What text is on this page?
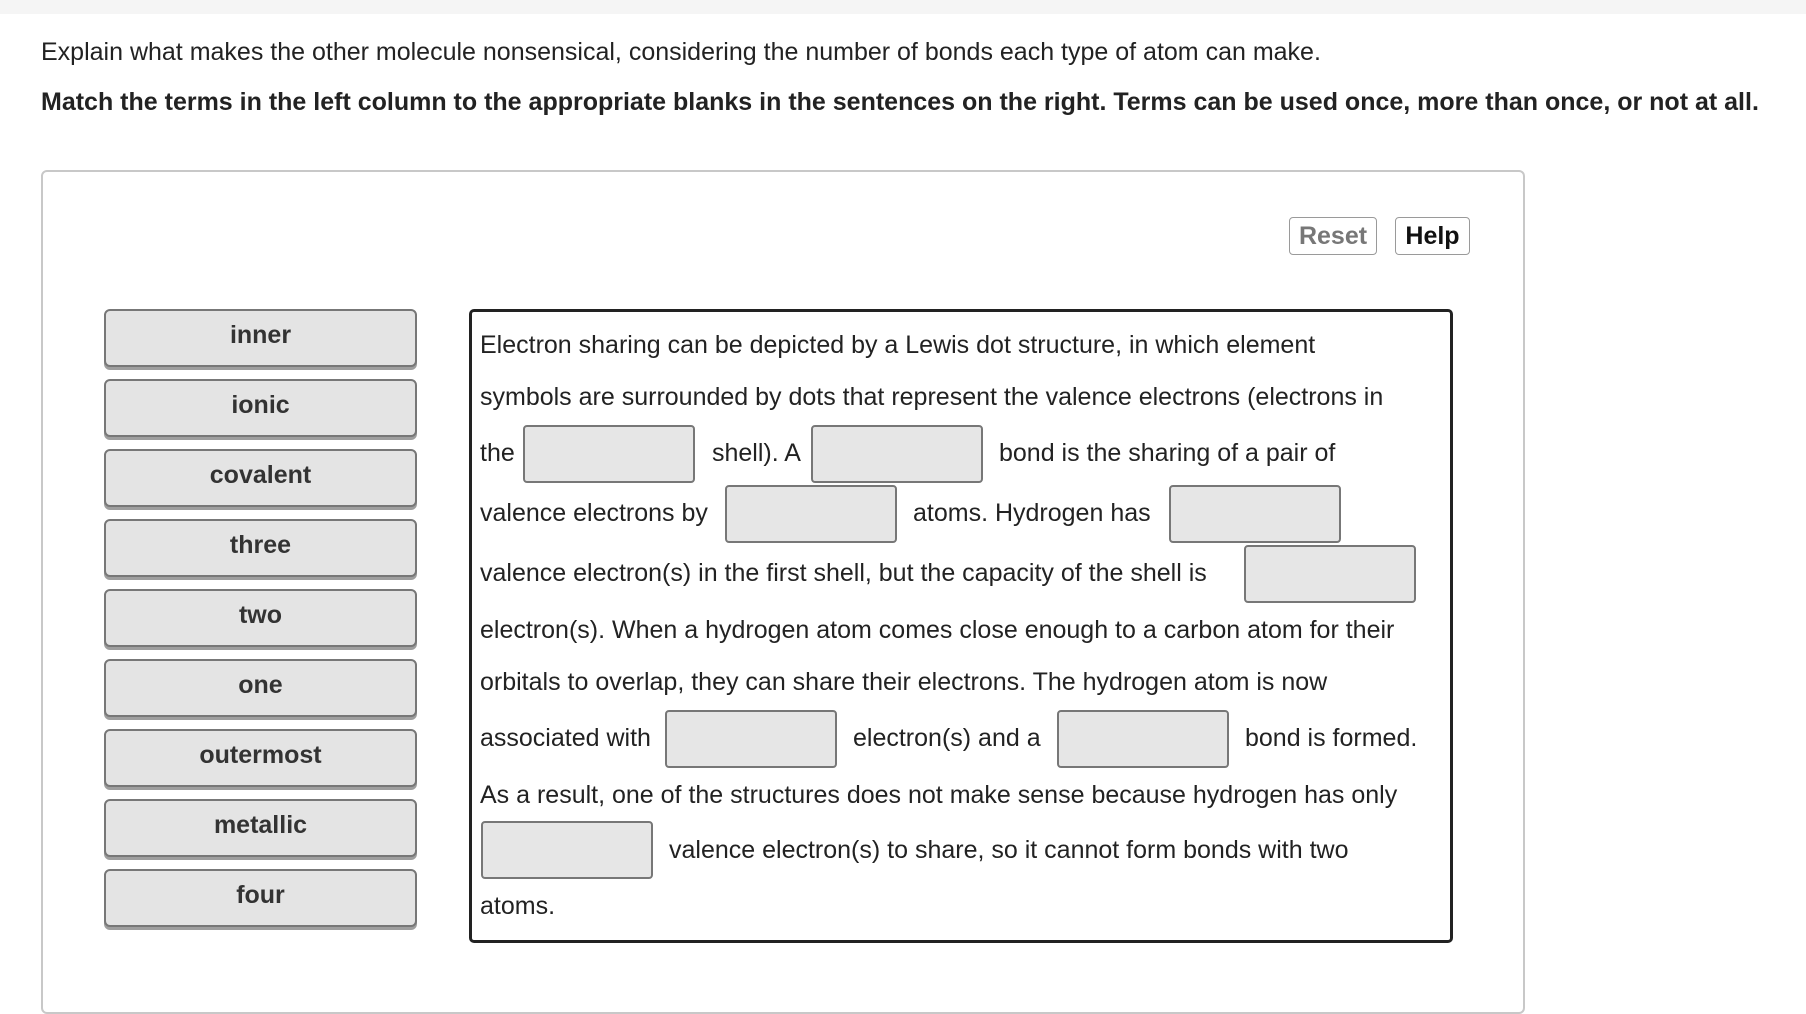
Explain what makes the other molecule nonsensical, considering the number of bonds each type of atom can make.
Match the terms in the left column to the appropriate blanks in the sentences on the right. Terms can be used once, more than once, or not at all.
Reset	Help
inner
ionic
covalent
three
two
one
outermost
metallic
four
Electron sharing can be depicted by a Lewis dot structure, in which element
symbols are surrounded by dots that represent the valence electrons (electrons in
the	shell). A	bond is the sharing of a pair of
valence electrons by	atoms. Hydrogen has
valence electron(s) in the first shell, but the capacity of the shell is
electron(s). When a hydrogen atom comes close enough to a carbon atom for their
orbitals to overlap, they can share their electrons. The hydrogen atom is now
associated with	electron(s) and a	bond is formed.
As a result, one of the structures does not make sense because hydrogen has only
valence electron(s) to share, so it cannot form bonds with two
atoms.
